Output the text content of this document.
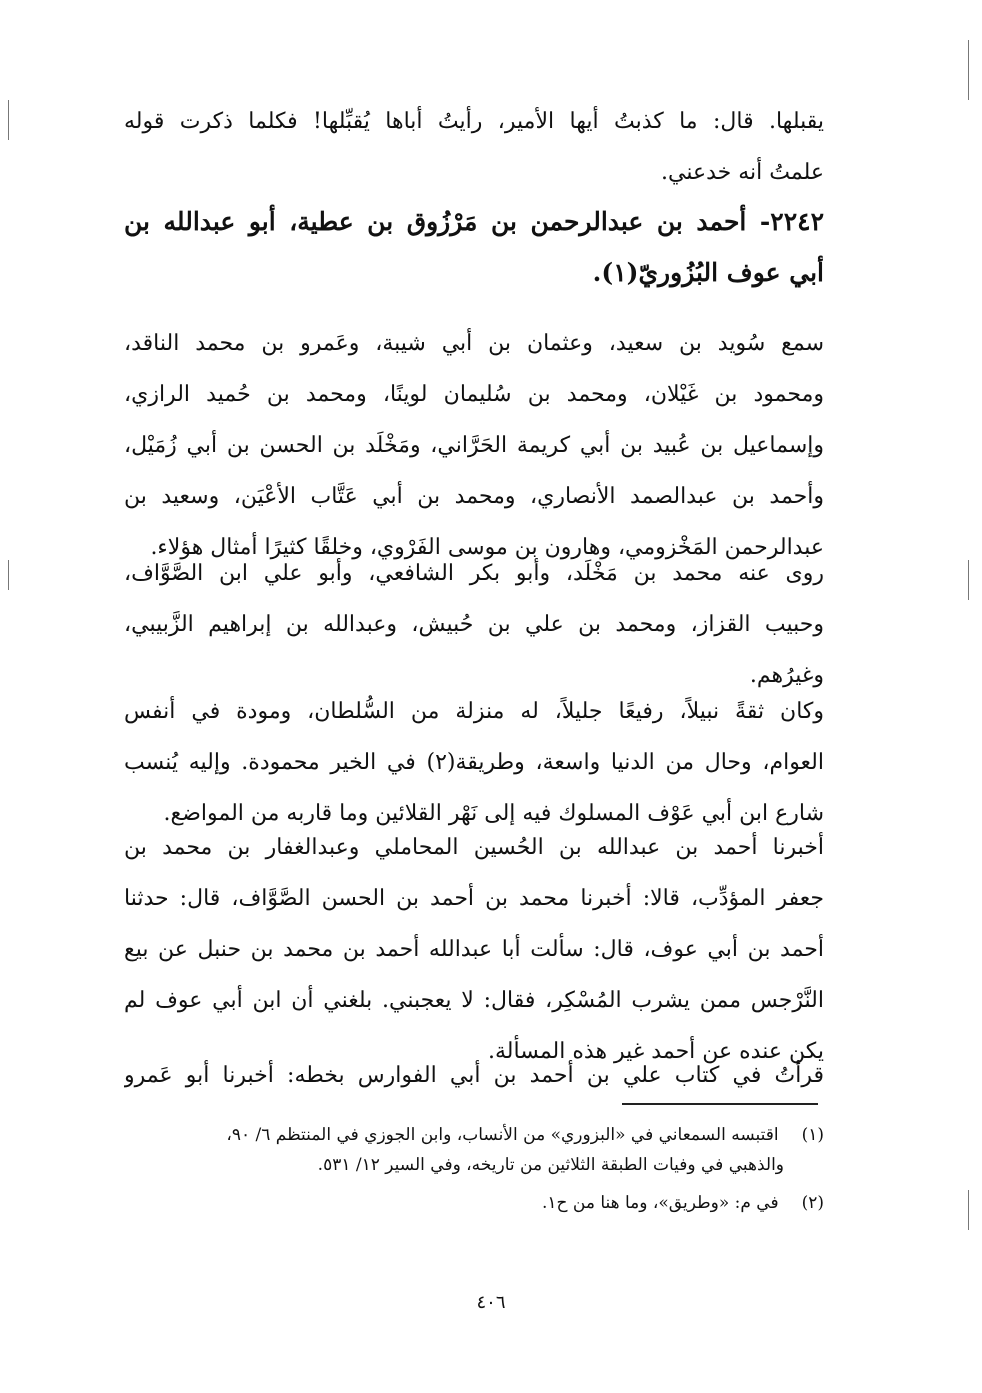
يقبلها. قال: ما كذبتُ أيها الأمير، رأيتُ أباها يُقبِّلها! فكلما ذكرت قوله
علمتُ أنه خدعني.
٢٢٤٢- أحمد بن عبدالرحمن بن مَرْزُوق بن عطية، أبو عبدالله بن
أبي عوف البُزُوريّ(١).
سمع سُويد بن سعيد، وعثمان بن أبي شيبة، وعَمرو بن محمد الناقد،
ومحمود بن غَيْلان، ومحمد بن سُليمان لوينًا، ومحمد بن حُميد الرازي،
وإسماعيل بن عُبيد بن أبي كريمة الحَرَّاني، ومَخْلَد بن الحسن بن أبي زُمَيْل،
وأحمد بن عبدالصمد الأنصاري، ومحمد بن أبي عَتَّاب الأعْيَن، وسعيد بن
عبدالرحمن المَخْزومي، وهارون بن موسى الفَرْوي، وخلقًا كثيرًا أمثال هؤلاء.
روى عنه محمد بن مَخْلَد، وأبو بكر الشافعي، وأبو علي ابن الصَّوَّاف،
وحبيب القزاز، ومحمد بن علي بن حُبيش، وعبدالله بن إبراهيم الزَّبيبي،
وغيرُهم.
وكان ثقةً نبيلاً، رفيعًا جليلاً، له منزلة من السُّلطان، ومودة في أنفس
العوام، وحال من الدنيا واسعة، وطريقة(٢) في الخير محمودة. وإليه يُنسب
شارع ابن أبي عَوْف المسلوك فيه إلى نَهْر القلائين وما قاربه من المواضع.
أخبرنا أحمد بن عبدالله بن الحُسين المحاملي وعبدالغفار بن محمد بن
جعفر المؤدِّب، قالا: أخبرنا محمد بن أحمد بن الحسن الصَّوَّاف، قال: حدثنا
أحمد بن أبي عوف، قال: سألت أبا عبدالله أحمد بن محمد بن حنبل عن بيع
النَّرْجس ممن يشرب المُسْكِر، فقال: لا يعجبني. بلغني أن ابن أبي عوف لم
يكن عنده عن أحمد غير هذه المسألة.
قرأتُ في كتاب علي بن أحمد بن أبي الفوارس بخطه: أخبرنا أبو عَمرو
(١) اقتبسه السمعاني في «البزوري» من الأنساب، وابن الجوزي في المنتظم ٦/ ٩٠،
والذهبي في وفيات الطبقة الثلاثين من تاريخه، وفي السير ١٢/ ٥٣١.
(٢) في م: «وطريق»، وما هنا من ح١.
٤٠٦
